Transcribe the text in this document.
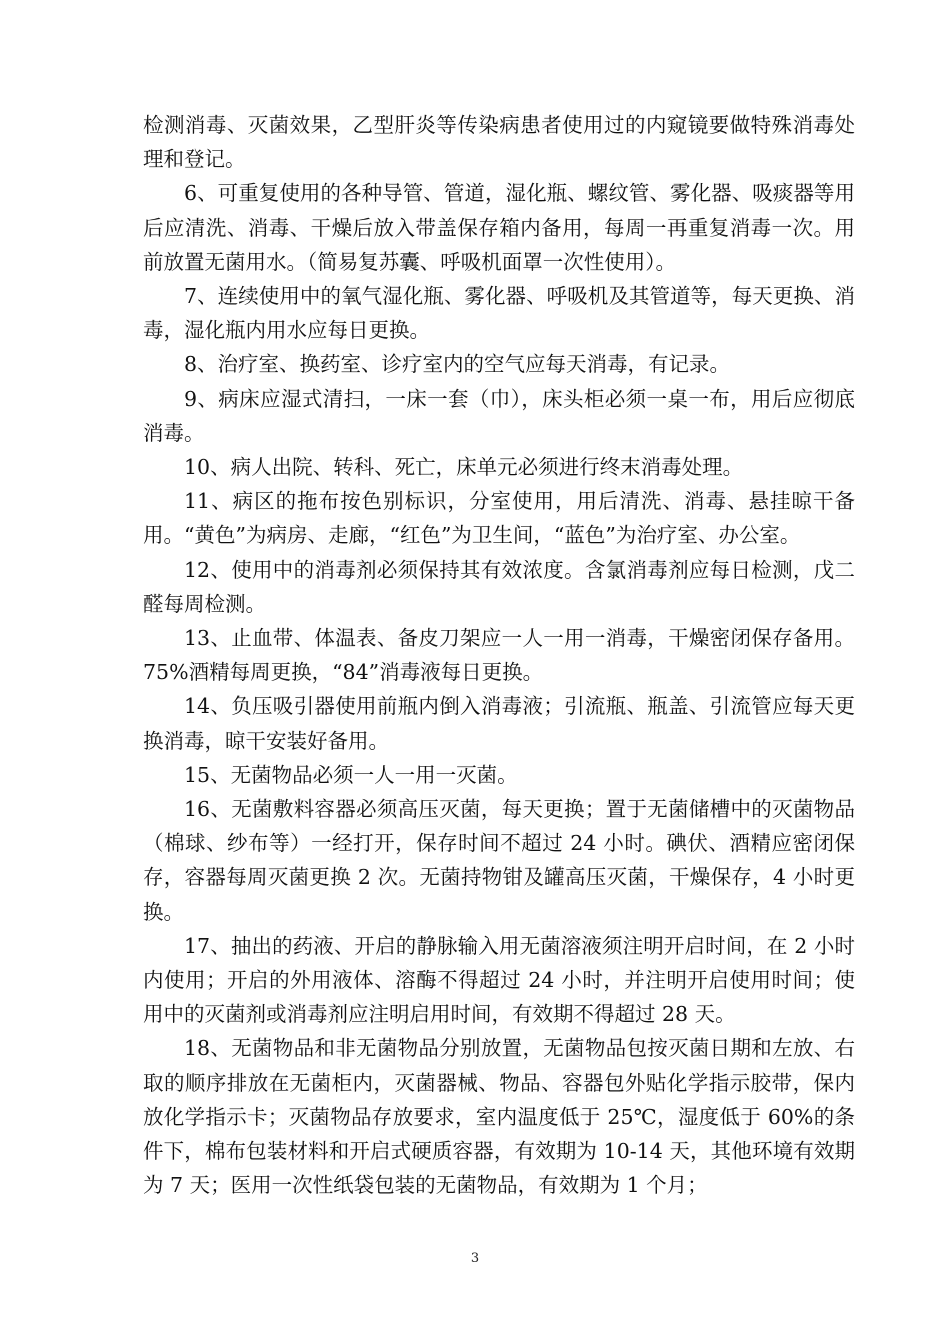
检测消毒、灭菌效果，乙型肝炎等传染病患者使用过的内窥镜要做特殊消毒处理和登记。

6、可重复使用的各种导管、管道，湿化瓶、螺纹管、雾化器、吸痰器等用后应清洗、消毒、干燥后放入带盖保存箱内备用，每周一再重复消毒一次。用前放置无菌用水。（简易复苏囊、呼吸机面罩一次性使用）。

7、连续使用中的氧气湿化瓶、雾化器、呼吸机及其管道等，每天更换、消毒，湿化瓶内用水应每日更换。

8、治疗室、换药室、诊疗室内的空气应每天消毒，有记录。

9、病床应湿式清扫，一床一套（巾），床头柜必须一桌一布，用后应彻底消毒。

10、病人出院、转科、死亡，床单元必须进行终末消毒处理。

11、病区的拖布按色别标识，分室使用，用后清洗、消毒、悬挂晾干备用。“黄色”为病房、走廊，“红色”为卫生间，“蓝色”为治疗室、办公室。

12、使用中的消毒剂必须保持其有效浓度。含氯消毒剂应每日检测，戊二醛每周检测。

13、止血带、体温表、备皮刀架应一人一用一消毒，干燥密闭保存备用。75%酒精每周更换，“84”消毒液每日更换。

14、负压吸引器使用前瓶内倒入消毒液；引流瓶、瓶盖、引流管应每天更换消毒，晾干安装好备用。

15、无菌物品必须一人一用一灭菌。

16、无菌敷料容器必须高压灭菌，每天更换；置于无菌储槽中的灭菌物品（棉球、纱布等）一经打开，保存时间不超过 24 小时。碘伏、酒精应密闭保存，容器每周灭菌更换 2 次。无菌持物钳及罐高压灭菌，干燥保存，4 小时更换。

17、抽出的药液、开启的静脉输入用无菌溶液须注明开启时间，在 2 小时内使用；开启的外用液体、溶酶不得超过 24 小时，并注明开启使用时间；使用中的灭菌剂或消毒剂应注明启用时间，有效期不得超过 28 天。

18、无菌物品和非无菌物品分别放置，无菌物品包按灭菌日期和左放、右取的顺序排放在无菌柜内，灭菌器械、物品、容器包外贴化学指示胶带，保内放化学指示卡；灭菌物品存放要求，室内温度低于 25℃，湿度低于 60%的条件下，棉布包装材料和开启式硬质容器，有效期为 10-14 天，其他环境有效期为 7 天；医用一次性纸袋包装的无菌物品，有效期为 1 个月；

3
